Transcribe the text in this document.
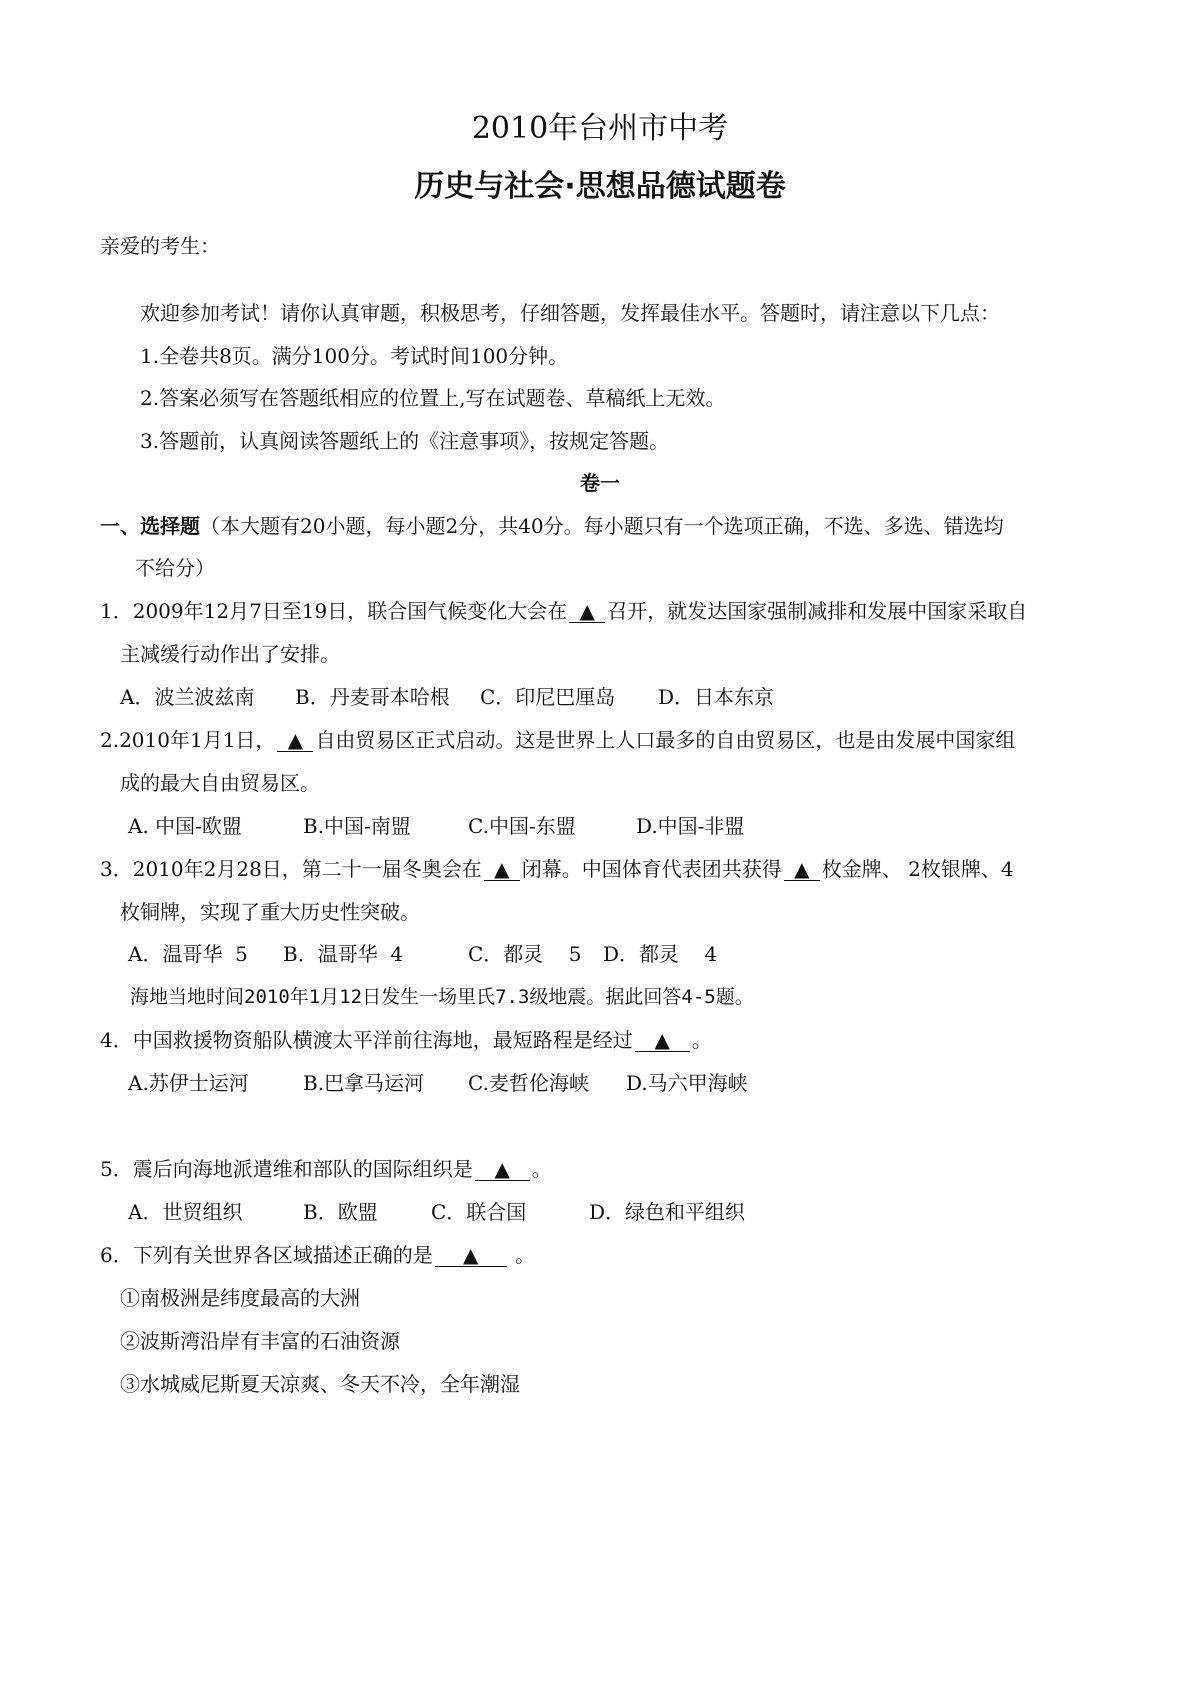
2010年台州市中考
历史与社会·思想品德试题卷
亲爱的考生：
欢迎参加考试！请你认真审题，积极思考，仔细答题，发挥最佳水平。答题时，请注意以下几点：
1.全卷共8页。满分100分。考试时间100分钟。
2.答案必须写在答题纸相应的位置上,写在试题卷、草稿纸上无效。
3.答题前，认真阅读答题纸上的《注意事项》，按规定答题。
卷一
一、选择题（本大题有20小题，每小题2分，共40分。每小题只有一个选项正确，不选、多选、错选均
不给分）
1．2009年12月7日至19日，联合国气候变化大会在 ▲ 召开，就发达国家强制减排和发展中国家采取自
主减缓行动作出了安排。
A．波兰波兹南 B．丹麦哥本哈根 C．印尼巴厘岛 D．日本东京
2.2010年1月1日， ▲ 自由贸易区正式启动。这是世界上人口最多的自由贸易区，也是由发展中国家组
成的最大自由贸易区。
A. 中国-欧盟	B.中国-南盟	C.中国-东盟	D.中国-非盟
3．2010年2月28日，第二十一届冬奥会在 ▲ 闭幕。中国体育代表团共获得 ▲ 枚金牌、 2枚银牌、4
枚铜牌，实现了重大历史性突破。
A．温哥华  5 B．温哥华  4	C．都灵    5 D．都灵    4
海地当地时间2010年1月12日发生一场里氏7.3级地震。据此回答4-5题。
4．中国救援物资船队横渡太平洋前往海地，最短路程是经过 ▲ 。
A.苏伊士运河	B.巴拿马运河 C.麦哲伦海峡 D.马六甲海峡
5．震后向海地派遣维和部队的国际组织是 ▲ 。
A．世贸组织	B．欧盟	C．联合国	D．绿色和平组织
6．下列有关世界各区域描述正确的是 ▲ 。
①南极洲是纬度最高的大洲
②波斯湾沿岸有丰富的石油资源
③水城威尼斯夏天凉爽、冬天不冷，全年潮湿
